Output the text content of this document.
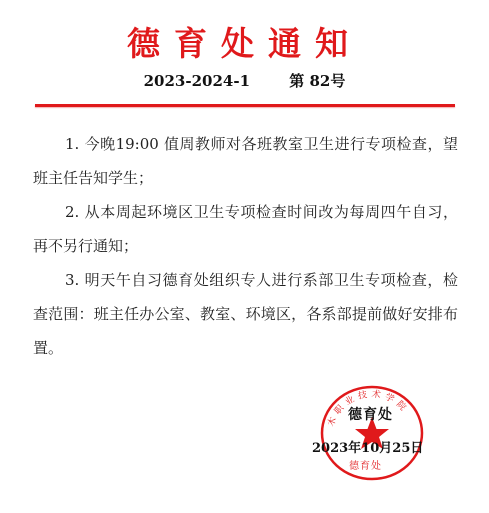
德育处通知
2023-2024-1	第 82号

1. 今晚19:00 值周教师对各班教室卫生进行专项检查，望班主任告知学生；

2. 从本周起环境区卫生专项检查时间改为每周四午自习，再不另行通知；

3. 明天午自习德育处组织专人进行系部卫生专项检查，检查范围：班主任办公室、教室、环境区，各系部提前做好安排布置。

木职业技术学院
德育处
2023年10月25日
德育处
